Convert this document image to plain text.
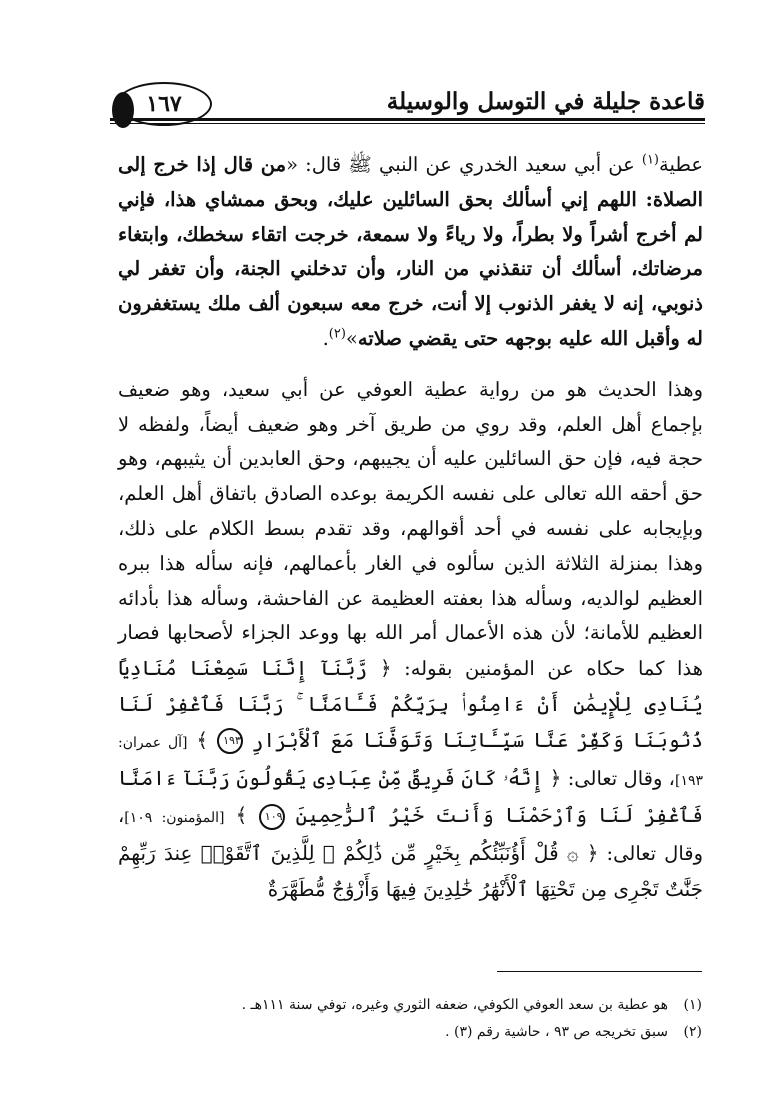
قاعدة جليلة في التوسل والوسيلة
١٦٧

عطية$^{(١)}$ عن أبي سعيد الخدري عن النبي ﷺ قال: «من قال إذا خرج إلى الصلاة: اللهم إني أسألك بحق السائلين عليك، وبحق ممشاي هذا، فإني لم أخرج أشراً ولا بطراً، ولا رياءً ولا سمعة، خرجت اتقاء سخطك، وابتغاء مرضاتك، أسألك أن تنقذني من النار، وأن تدخلني الجنة، وأن تغفر لي ذنوبي، إنه لا يغفر الذنوب إلا أنت، خرج معه سبعون ألف ملك يستغفرون له وأقبل الله عليه بوجهه حتى يقضي صلاته»$^{(٢)}$.

وهذا الحديث هو من رواية عطية العوفي عن أبي سعيد، وهو ضعيف بإجماع أهل العلم، وقد روي من طريق آخر وهو ضعيف أيضاً، ولفظه لا حجة فيه، فإن حق السائلين عليه أن يجيبهم، وحق العابدين أن يثيبهم، وهو حق أحقه الله تعالى على نفسه الكريمة بوعده الصادق باتفاق أهل العلم، وبإيجابه على نفسه في أحد أقوالهم، وقد تقدم بسط الكلام على ذلك، وهذا بمنزلة الثلاثة الذين سألوه في الغار بأعمالهم، فإنه سأله هذا ببره العظيم لوالديه، وسأله هذا بعفته العظيمة عن الفاحشة، وسأله هذا بأدائه العظيم للأمانة؛ لأن هذه الأعمال أمر الله بها ووعد الجزاء لأصحابها فصار هذا كما حكاه عن المؤمنين بقوله: ﴿ رَّبَّنَآ إِنَّنَا سَمِعْنَا مُنَادِيًا يُنَادِى لِلْإِيمَٰنِ أَنْ ءَامِنُوا۟ بِرَبِّكُمْ فَـَٔامَنَّا ۚ رَبَّنَا فَٱغْفِرْ لَنَا ذُنُوبَنَا وَكَفِّرْ عَنَّا سَيِّـَٔاتِنَا وَتَوَفَّنَا مَعَ ٱلْأَبْرَارِ ١٩٣ ﴾ [آل عمران: ١٩٣]، وقال تعالى: ﴿ إِنَّهُۥ كَانَ فَرِيقٌ مِّنْ عِبَادِى يَقُولُونَ رَبَّنَآ ءَامَنَّا فَٱغْفِرْ لَنَا وَٱرْحَمْنَا وَأَنتَ خَيْرُ ٱلرَّٰحِمِينَ ١٠٩ ﴾ [المؤمنون: ١٠٩]، وقال تعالى: ﴿ ۞ قُلْ أَؤُنَبِّئُكُم بِخَيْرٍ مِّن ذَٰلِكُمْ ۚ لِلَّذِينَ ٱتَّقَوْا۟ عِندَ رَبِّهِمْ جَنَّٰتٌ تَجْرِى مِن تَحْتِهَا ٱلْأَنْهَٰرُ خَٰلِدِينَ فِيهَا وَأَزْوَٰجٌ مُّطَهَّرَةٌ

(١)هو عطية بن سعد العوفي الكوفي، ضعفه الثوري وغيره، توفي سنة ١١١هـ .
(٢)سبق تخريجه ص ٩٣ ، حاشية رقم (٣) .
